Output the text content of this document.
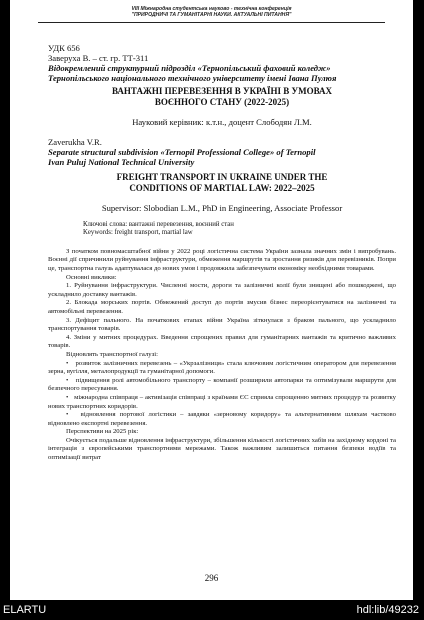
VIII Міжнародна студентська науково - технічна конференція
"ПРИРОДНИЧІ ТА ГУМАНІТАРНІ НАУКИ. АКТУАЛЬНІ ПИТАННЯ"
УДК 656
Заверуха В. – ст. гр. ТТ-311
Відокремлений структурний підрозділ «Тернопільський фаховий коледж»
Тернопільського національного технічного університету імені Івана Пулюя
ВАНТАЖНІ ПЕРЕВЕЗЕННЯ В УКРАЇНІ В УМОВАХ
ВОЄННОГО СТАНУ (2022-2025)
Науковий керівник: к.т.н., доцент Слободян Л.М.
Zaverukha V.R.
Separate structural subdivision «Ternopil Professional College» of Ternopil
Ivan Puluj National Technical University
FREIGHT TRANSPORT IN UKRAINE UNDER THE
CONDITIONS OF MARTIAL LAW: 2022–2025
Supervisor: Slobodian L.M., PhD in Engineering, Associate Professor
Ключові слова: вантажні перевезення, воєнний стан
Keywords: freight transport, martial law
З початком повномасштабної війни у 2022 році логістична система України зазнала значних змін і випробувань. Воєнні дії спричинили руйнування інфраструктури, обмеження маршрутів та зростання ризиків для перевізників. Попри це, транспортна галузь адаптувалася до нових умов і продовжила забезпечувати економіку необхідними товарами.
Основні виклики:
1. Руйнування інфраструктури. Численні мости, дороги та залізничні колії були знищені або пошкоджені, що ускладнило доставку вантажів.
2. Блокада морських портів. Обмежений доступ до портів змусив бізнес переорієнтуватися на залізничні та автомобільні перевезення.
3. Дефіцит пального. На початкових етапах війни Україна зіткнулася з браком пального, що ускладнило транспортування товарів.
4. Зміни у митних процедурах. Введення спрощених правил для гуманітарних вантажів та критично важливих товарів.
Відновлять транспортної галузі:
•   розвиток залізничних перевезень – «Укрзалізниця» стала ключовим логістичним оператором для перевезення зерна, вугілля, металопродукції та гуманітарної допомоги.
•   підвищення ролі автомобільного транспорту – компанії розширили автопарки та оптимізували маршрути для безпечного пересування.
•   міжнародна співпраця – активізація співпраці з країнами ЄС сприяла спрощенню митних процедур та розвитку нових транспортних коридорів.
•   відновлення портової логістики – завдяки «зерновому коридору» та альтернативним шляхам частково відновлено експортні перевезення.
Перспективи на 2025 рік:
Очікується подальше відновлення інфраструктури, збільшення кількості логістичних хабів на західному кордоні та інтеграція з європейськими транспортними мережами. Також важливим залишиться питання безпеки водіїв та оптимізації витрат
296
ELARTU	hdl:lib/49232
